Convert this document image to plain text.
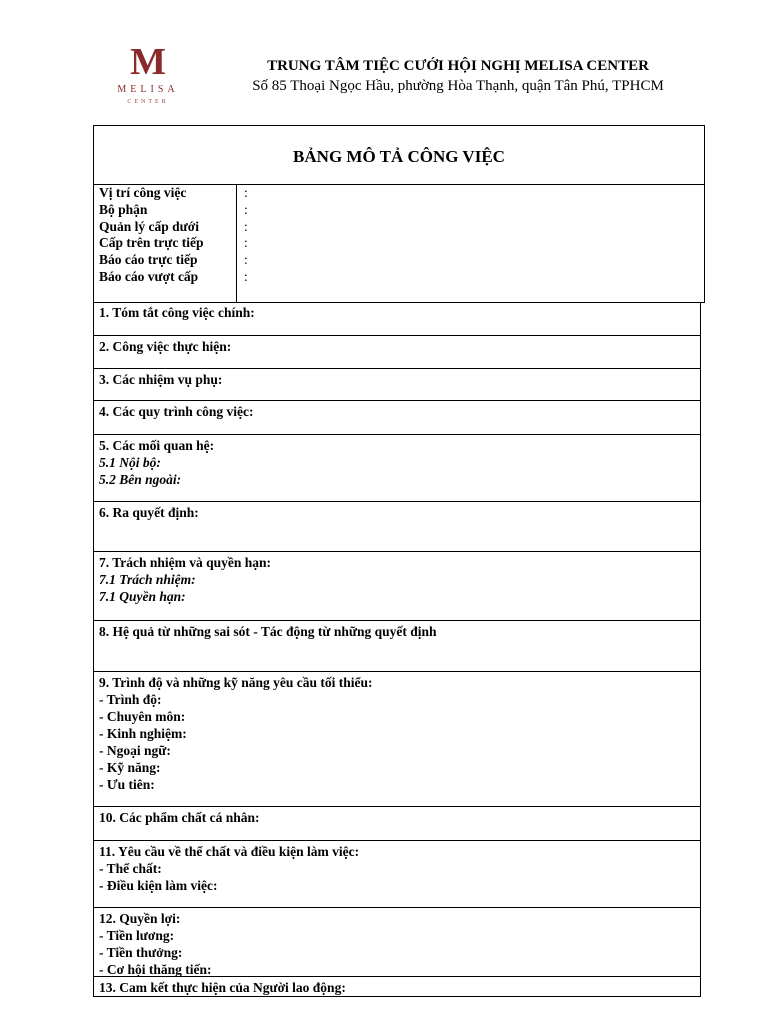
M
MELISA
CENTER
TRUNG TÂM TIỆC CƯỚI HỘI NGHỊ MELISA CENTER
Số 85 Thoại Ngọc Hầu, phường Hòa Thạnh, quận Tân Phú, TPHCM
BẢNG MÔ TẢ CÔNG VIỆC
Vị trí công việc
Bộ phận
Quản lý cấp dưới
Cấp trên trực tiếp
Báo cáo trực tiếp
Báo cáo vượt cấp
:
:
:
:
:
:
1. Tóm tắt công việc chính:
2. Công việc thực hiện:
3. Các nhiệm vụ phụ:
4. Các quy trình công việc:
5. Các mối quan hệ:
5.1 Nội bộ:
5.2 Bên ngoài:
6. Ra quyết định:
7. Trách nhiệm và quyền hạn:
7.1 Trách nhiệm:
7.1 Quyền hạn:
8. Hệ quả từ những sai sót - Tác động từ những quyết định
9. Trình độ và những kỹ năng yêu cầu tối thiểu:
- Trình độ:
- Chuyên môn:
- Kinh nghiệm:
- Ngoại ngữ:
- Kỹ năng:
- Ưu tiên:
10. Các phẩm chất cá nhân:
11. Yêu cầu về thể chất và điều kiện làm việc:
- Thể chất:
- Điều kiện làm việc:
12. Quyền lợi:
- Tiền lương:
- Tiền thưởng:
- Cơ hội thăng tiến:
13. Cam kết thực hiện của Người lao động:
